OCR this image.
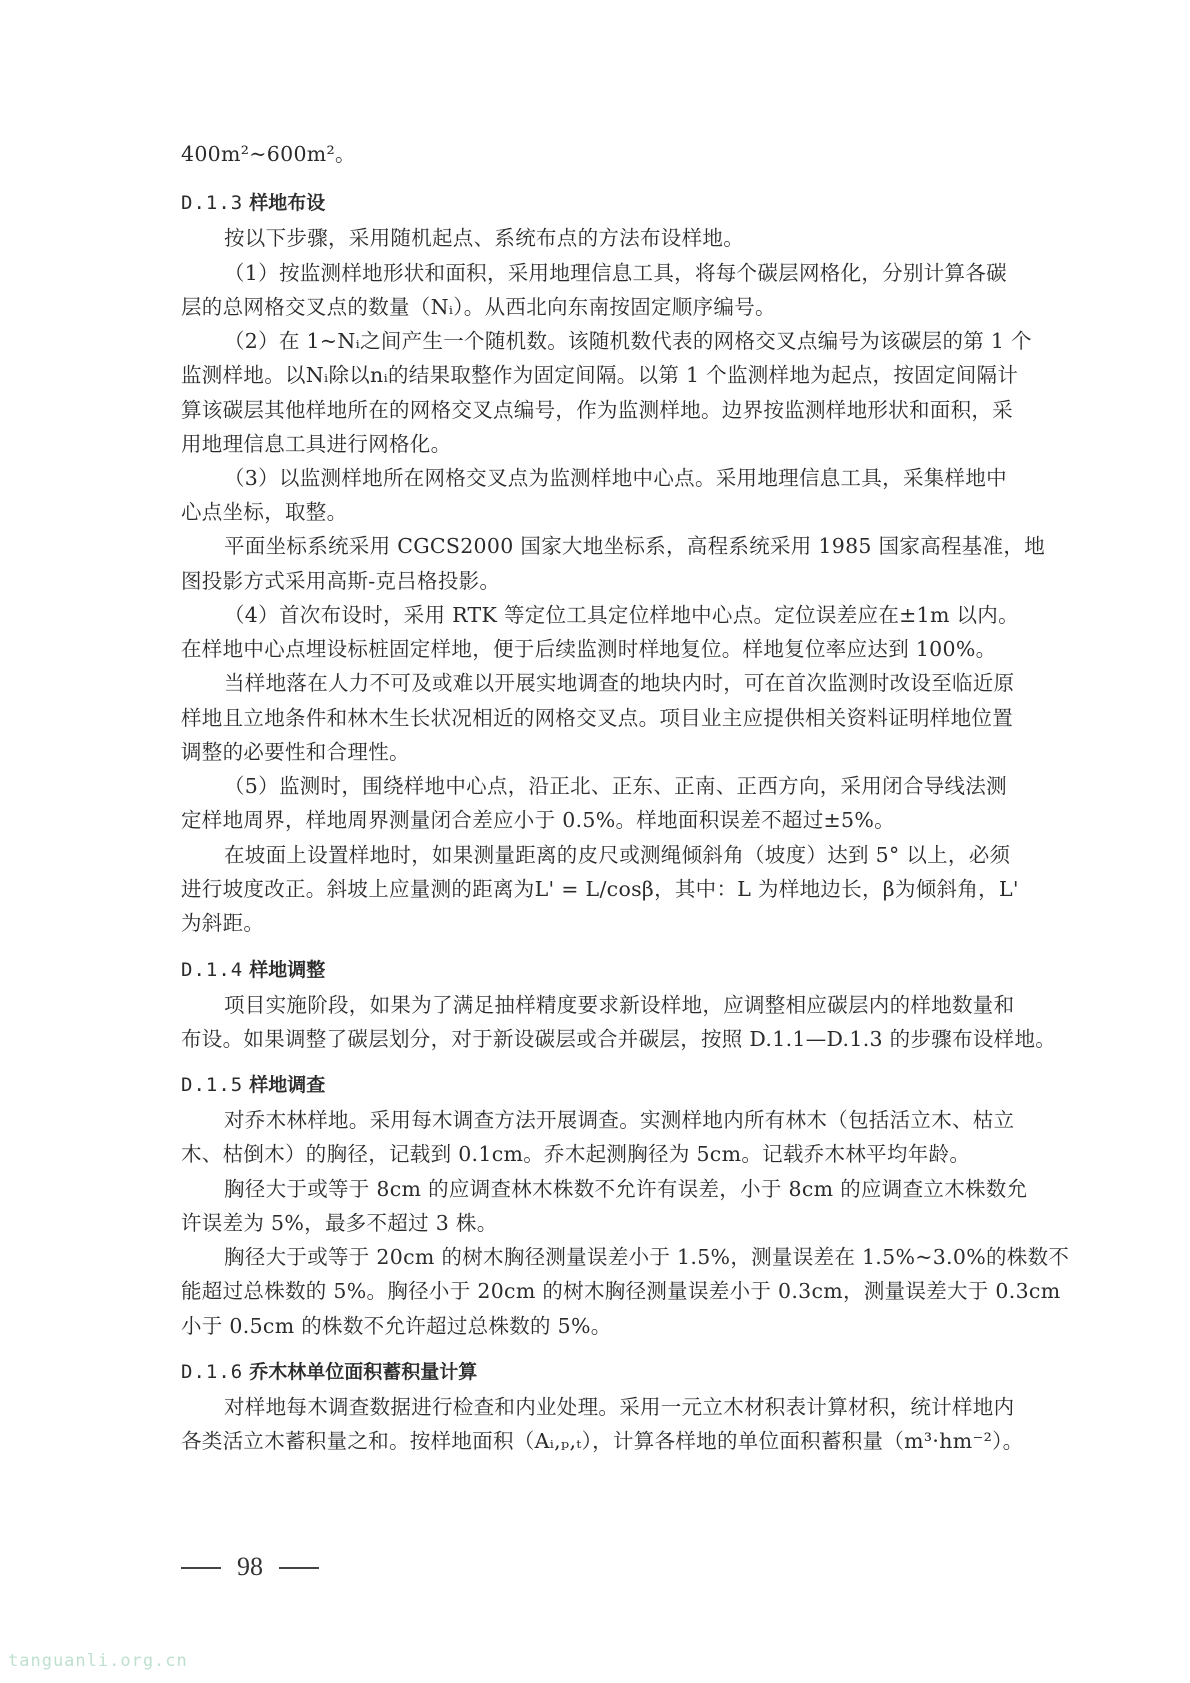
400m²~600m²。
D.1.3 样地布设
按以下步骤，采用随机起点、系统布点的方法布设样地。
（1）按监测样地形状和面积，采用地理信息工具，将每个碳层网格化，分别计算各碳
层的总网格交叉点的数量（Nᵢ）。从西北向东南按固定顺序编号。
（2）在 1~Nᵢ之间产生一个随机数。该随机数代表的网格交叉点编号为该碳层的第 1 个
监测样地。以Nᵢ除以nᵢ的结果取整作为固定间隔。以第 1 个监测样地为起点，按固定间隔计
算该碳层其他样地所在的网格交叉点编号，作为监测样地。边界按监测样地形状和面积，采
用地理信息工具进行网格化。
（3）以监测样地所在网格交叉点为监测样地中心点。采用地理信息工具，采集样地中
心点坐标，取整。
平面坐标系统采用 CGCS2000 国家大地坐标系，高程系统采用 1985 国家高程基准，地
图投影方式采用高斯-克吕格投影。
（4）首次布设时，采用 RTK 等定位工具定位样地中心点。定位误差应在±1m 以内。
在样地中心点埋设标桩固定样地，便于后续监测时样地复位。样地复位率应达到 100%。
当样地落在人力不可及或难以开展实地调查的地块内时，可在首次监测时改设至临近原
样地且立地条件和林木生长状况相近的网格交叉点。项目业主应提供相关资料证明样地位置
调整的必要性和合理性。
（5）监测时，围绕样地中心点，沿正北、正东、正南、正西方向，采用闭合导线法测
定样地周界，样地周界测量闭合差应小于 0.5%。样地面积误差不超过±5%。
在坡面上设置样地时，如果测量距离的皮尺或测绳倾斜角（坡度）达到 5° 以上，必须
进行坡度改正。斜坡上应量测的距离为L' = L/cosβ，其中：L 为样地边长，β为倾斜角，L'
为斜距。
D.1.4 样地调整
项目实施阶段，如果为了满足抽样精度要求新设样地，应调整相应碳层内的样地数量和
布设。如果调整了碳层划分，对于新设碳层或合并碳层，按照 D.1.1—D.1.3 的步骤布设样地。
D.1.5 样地调查
对乔木林样地。采用每木调查方法开展调查。实测样地内所有林木（包括活立木、枯立
木、枯倒木）的胸径，记载到 0.1cm。乔木起测胸径为 5cm。记载乔木林平均年龄。
胸径大于或等于 8cm 的应调查林木株数不允许有误差，小于 8cm 的应调查立木株数允
许误差为 5%，最多不超过 3 株。
胸径大于或等于 20cm 的树木胸径测量误差小于 1.5%，测量误差在 1.5%~3.0%的株数不
能超过总株数的 5%。胸径小于 20cm 的树木胸径测量误差小于 0.3cm，测量误差大于 0.3cm
小于 0.5cm 的株数不允许超过总株数的 5%。
D.1.6 乔木林单位面积蓄积量计算
对样地每木调查数据进行检查和内业处理。采用一元立木材积表计算材积，统计样地内
各类活立木蓄积量之和。按样地面积（Aᵢ,ₚ,ₜ），计算各样地的单位面积蓄积量（m³·hm⁻²）。
98
tanguanli.org.cn
